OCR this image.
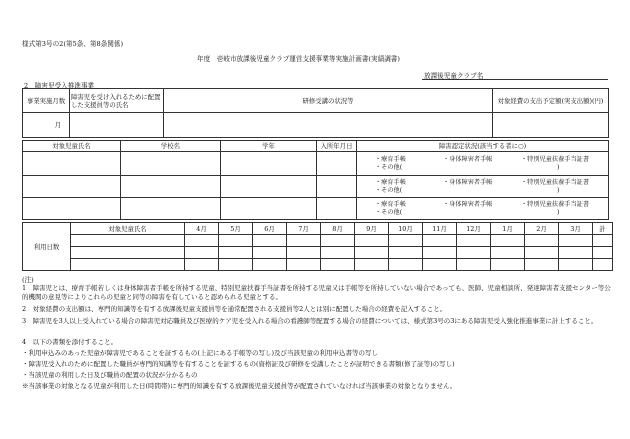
様式第3号の2(第5条、第8条関係)
年度　壱岐市放課後児童クラブ運営支援事業等実施計画書(実績調書)
放課後児童クラブ名
2　障害児受入推進事業
事業実施月数	障害児を受け入れるために配置した支援員等の氏名	研修受講の状況等	対象経費の支出予定額(実支出額)(円)
月			
対象児童氏名	学校名	学年	入所年月日	障害認定状況(該当する者に○)

				・療育手帳 ・身体障害者手帳 ・特別児童扶養手当証書
・その他( )

				・療育手帳 ・身体障害者手帳 ・特別児童扶養手当証書
・その他( )

				・療育手帳 ・身体障害者手帳 ・特別児童扶養手当証書
・その他( )
利用日数	対象児童氏名	4月	5月	6月	7月	8月	9月	10月	11月	12月	1月	2月	3月	計

(注)
1　障害児とは、療育手帳若しくは身体障害者手帳を所持する児童、特別児童扶養手当証書を所持する児童又は手帳等を所持していない場合であっても、医師、児童相談所、発達障害者支援センター等公的機関の意見等によりこれらの児童と同等の障害を有していると認められる児童とする。
2　対象経費の支出額は、専門的知識等を有する放課後児童支援員等を通常配置される支援員等2人とは別に配置した場合の経費を記入すること。
3　障害児を3人以上受入れている場合の障害児対応職員及び医療的ケア児を受入れる場合の看護師等配置する場合の経費については、様式第3号の3にある障害児受入強化推進事業に計上すること。
4　以下の書類を添付すること。
・利用申込みのあった児童が障害児であることを証するもの(上記にある手帳等の写し)及び当該児童の利用申込書等の写し
・障害児受入れのために配置した職員が専門的知識等を有することを証するもの(資格証及び研修を受講したことが証明できる書類(修了証等)の写し)
・当該児童の利用した日及び職員の配置の状況が分かるもの
※当該事業の対象となる児童が利用した日(時間帯)に専門的知識を有する放課後児童支援員等が配置されていなければ当該事業の対象となりません。
